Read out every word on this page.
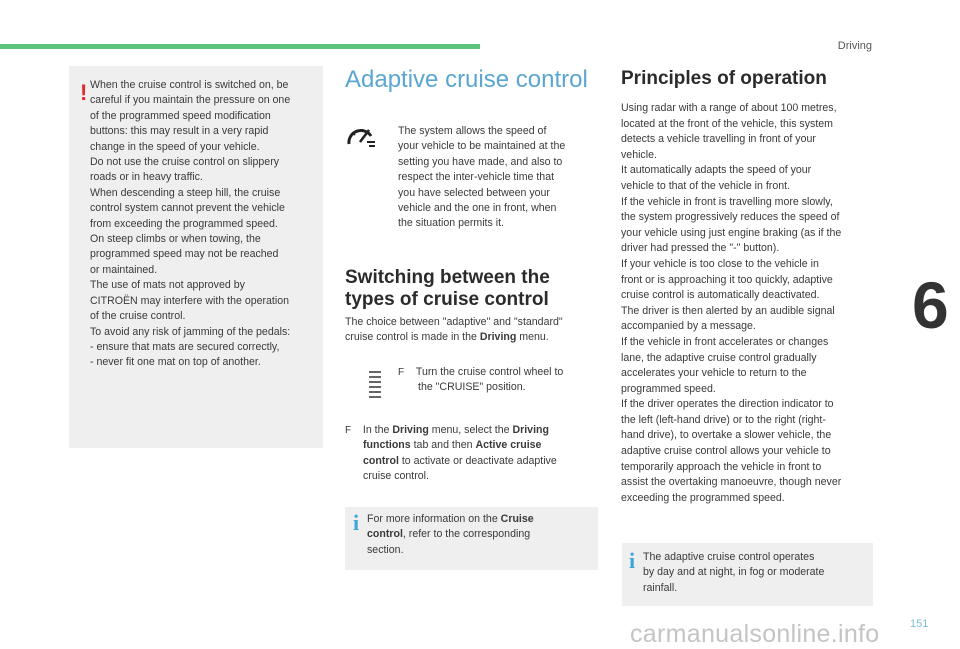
Driving
! When the cruise control is switched on, be
careful if you maintain the pressure on one
of the programmed speed modification
buttons: this may result in a very rapid
change in the speed of your vehicle.
Do not use the cruise control on slippery
roads or in heavy traffic.
When descending a steep hill, the cruise
control system cannot prevent the vehicle
from exceeding the programmed speed.
On steep climbs or when towing, the
programmed speed may not be reached
or maintained.
The use of mats not approved by
CITROËN may interfere with the operation
of the cruise control.
To avoid any risk of jamming of the pedals:
- ensure that mats are secured correctly,
- never fit one mat on top of another.
Adaptive cruise control
The system allows the speed of
your vehicle to be maintained at the
setting you have made, and also to
respect the inter-vehicle time that
you have selected between your
vehicle and the one in front, when
the situation permits it.
Switching between the
types of cruise control
The choice between "adaptive" and "standard"
cruise control is made in the Driving menu.
F Turn the cruise control wheel to
the "CRUISE" position.
F In the Driving menu, select the Driving
functions tab and then Active cruise
control to activate or deactivate adaptive
cruise control.
i For more information on the Cruise
control, refer to the corresponding
section.
Principles of operation
Using radar with a range of about 100 metres,
located at the front of the vehicle, this system
detects a vehicle travelling in front of your
vehicle.
It automatically adapts the speed of your
vehicle to that of the vehicle in front.
If the vehicle in front is travelling more slowly,
the system progressively reduces the speed of
your vehicle using just engine braking (as if the
driver had pressed the "-" button).
If your vehicle is too close to the vehicle in
front or is approaching it too quickly, adaptive
cruise control is automatically deactivated.
The driver is then alerted by an audible signal
accompanied by a message.
If the vehicle in front accelerates or changes
lane, the adaptive cruise control gradually
accelerates your vehicle to return to the
programmed speed.
If the driver operates the direction indicator to
the left (left-hand drive) or to the right (right-
hand drive), to overtake a slower vehicle, the
adaptive cruise control allows your vehicle to
temporarily approach the vehicle in front to
assist the overtaking manoeuvre, though never
exceeding the programmed speed.
i The adaptive cruise control operates
by day and at night, in fog or moderate
rainfall.
6
151
carmanualsonline.info
